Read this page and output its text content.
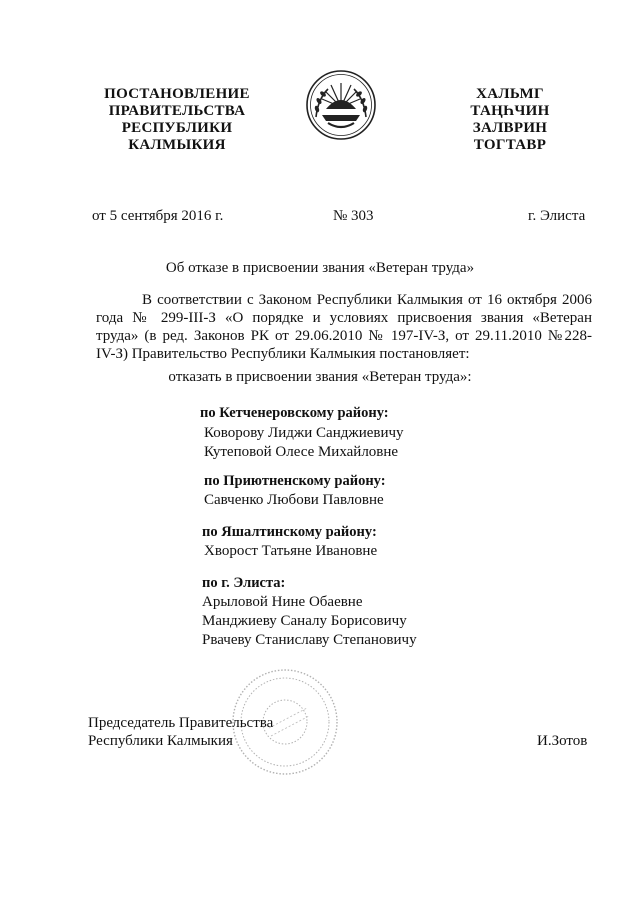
ПОСТАНОВЛЕНИЕ
ПРАВИТЕЛЬСТВА
РЕСПУБЛИКИ
КАЛМЫКИЯ
ХАЛЬМГ
ТАҢҺЧИН
ЗАЛВРИН
ТОГТАВР
от 5 сентября 2016 г.	№ 303	г. Элиста
Об отказе в присвоении звания «Ветеран труда»
В соответствии с Законом Республики Калмыкия от 16 октября 2006
года № 299-III-З «О порядке и условиях присвоения звания «Ветеран
труда» (в ред. Законов РК от 29.06.2010 № 197-IV-З, от 29.11.2010 №228-
IV-З) Правительство Республики Калмыкия постановляет:
отказать в присвоении звания «Ветеран труда»:
по Кетченеровскому району:
Коворову Лиджи Санджиевичу
Кутеповой Олесе Михайловне
по Приютненскому району:
Савченко Любови Павловне
по Яшалтинскому району:
Хворост Татьяне Ивановне
по г. Элиста:
Арыловой Нине Обаевне
Манджиеву Саналу Борисовичу
Рвачеву Станиславу Степановичу
Председатель Правительства
Республики Калмыкия	И.Зотов
